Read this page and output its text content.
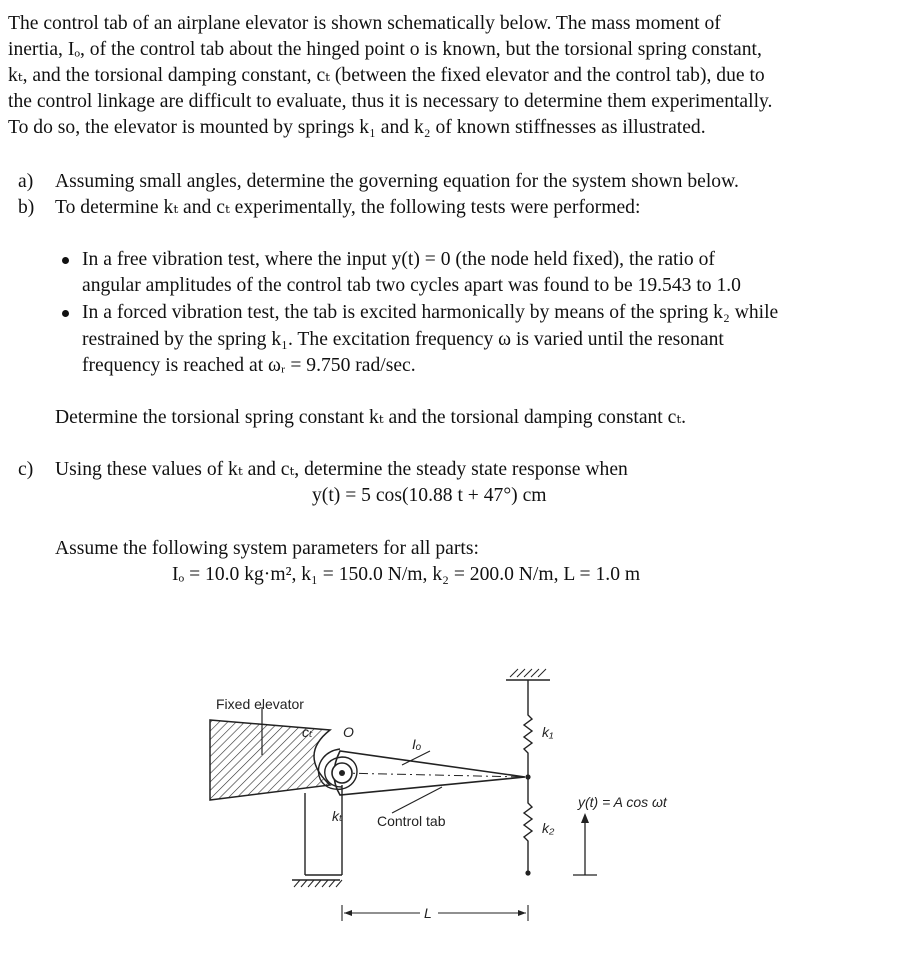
The control tab of an airplane elevator is shown schematically below. The mass moment of
inertia, Iₒ, of the control tab about the hinged point o is known, but the torsional spring constant,
kₜ, and the torsional damping constant, cₜ (between the fixed elevator and the control tab), due to
the control linkage are difficult to evaluate, thus it is necessary to determine them experimentally.
To do so, the elevator is mounted by springs k₁ and k₂ of known stiffnesses as illustrated.
a) Assuming small angles, determine the governing equation for the system shown below.
b) To determine kₜ and cₜ experimentally, the following tests were performed:
In a free vibration test, where the input y(t) = 0 (the node held fixed), the ratio of
angular amplitudes of the control tab two cycles apart was found to be 19.543 to 1.0
In a forced vibration test, the tab is excited harmonically by means of the spring k₂ while
restrained by the spring k₁. The excitation frequency ω is varied until the resonant
frequency is reached at ωᵣ = 9.750 rad/sec.
Determine the torsional spring constant kₜ and the torsional damping constant cₜ.
c) Using these values of kₜ and cₜ, determine the steady state response when
y(t) = 5 cos(10.88 t + 47°) cm
Assume the following system parameters for all parts:
Iₒ = 10.0 kg·m², k₁ = 150.0 N/m, k₂ = 200.0 N/m, L = 1.0 m
Fixed elevator
cₜ O
Iₒ
kₜ Control tab
k₁
k₂
y(t) = A cos ωt
L
